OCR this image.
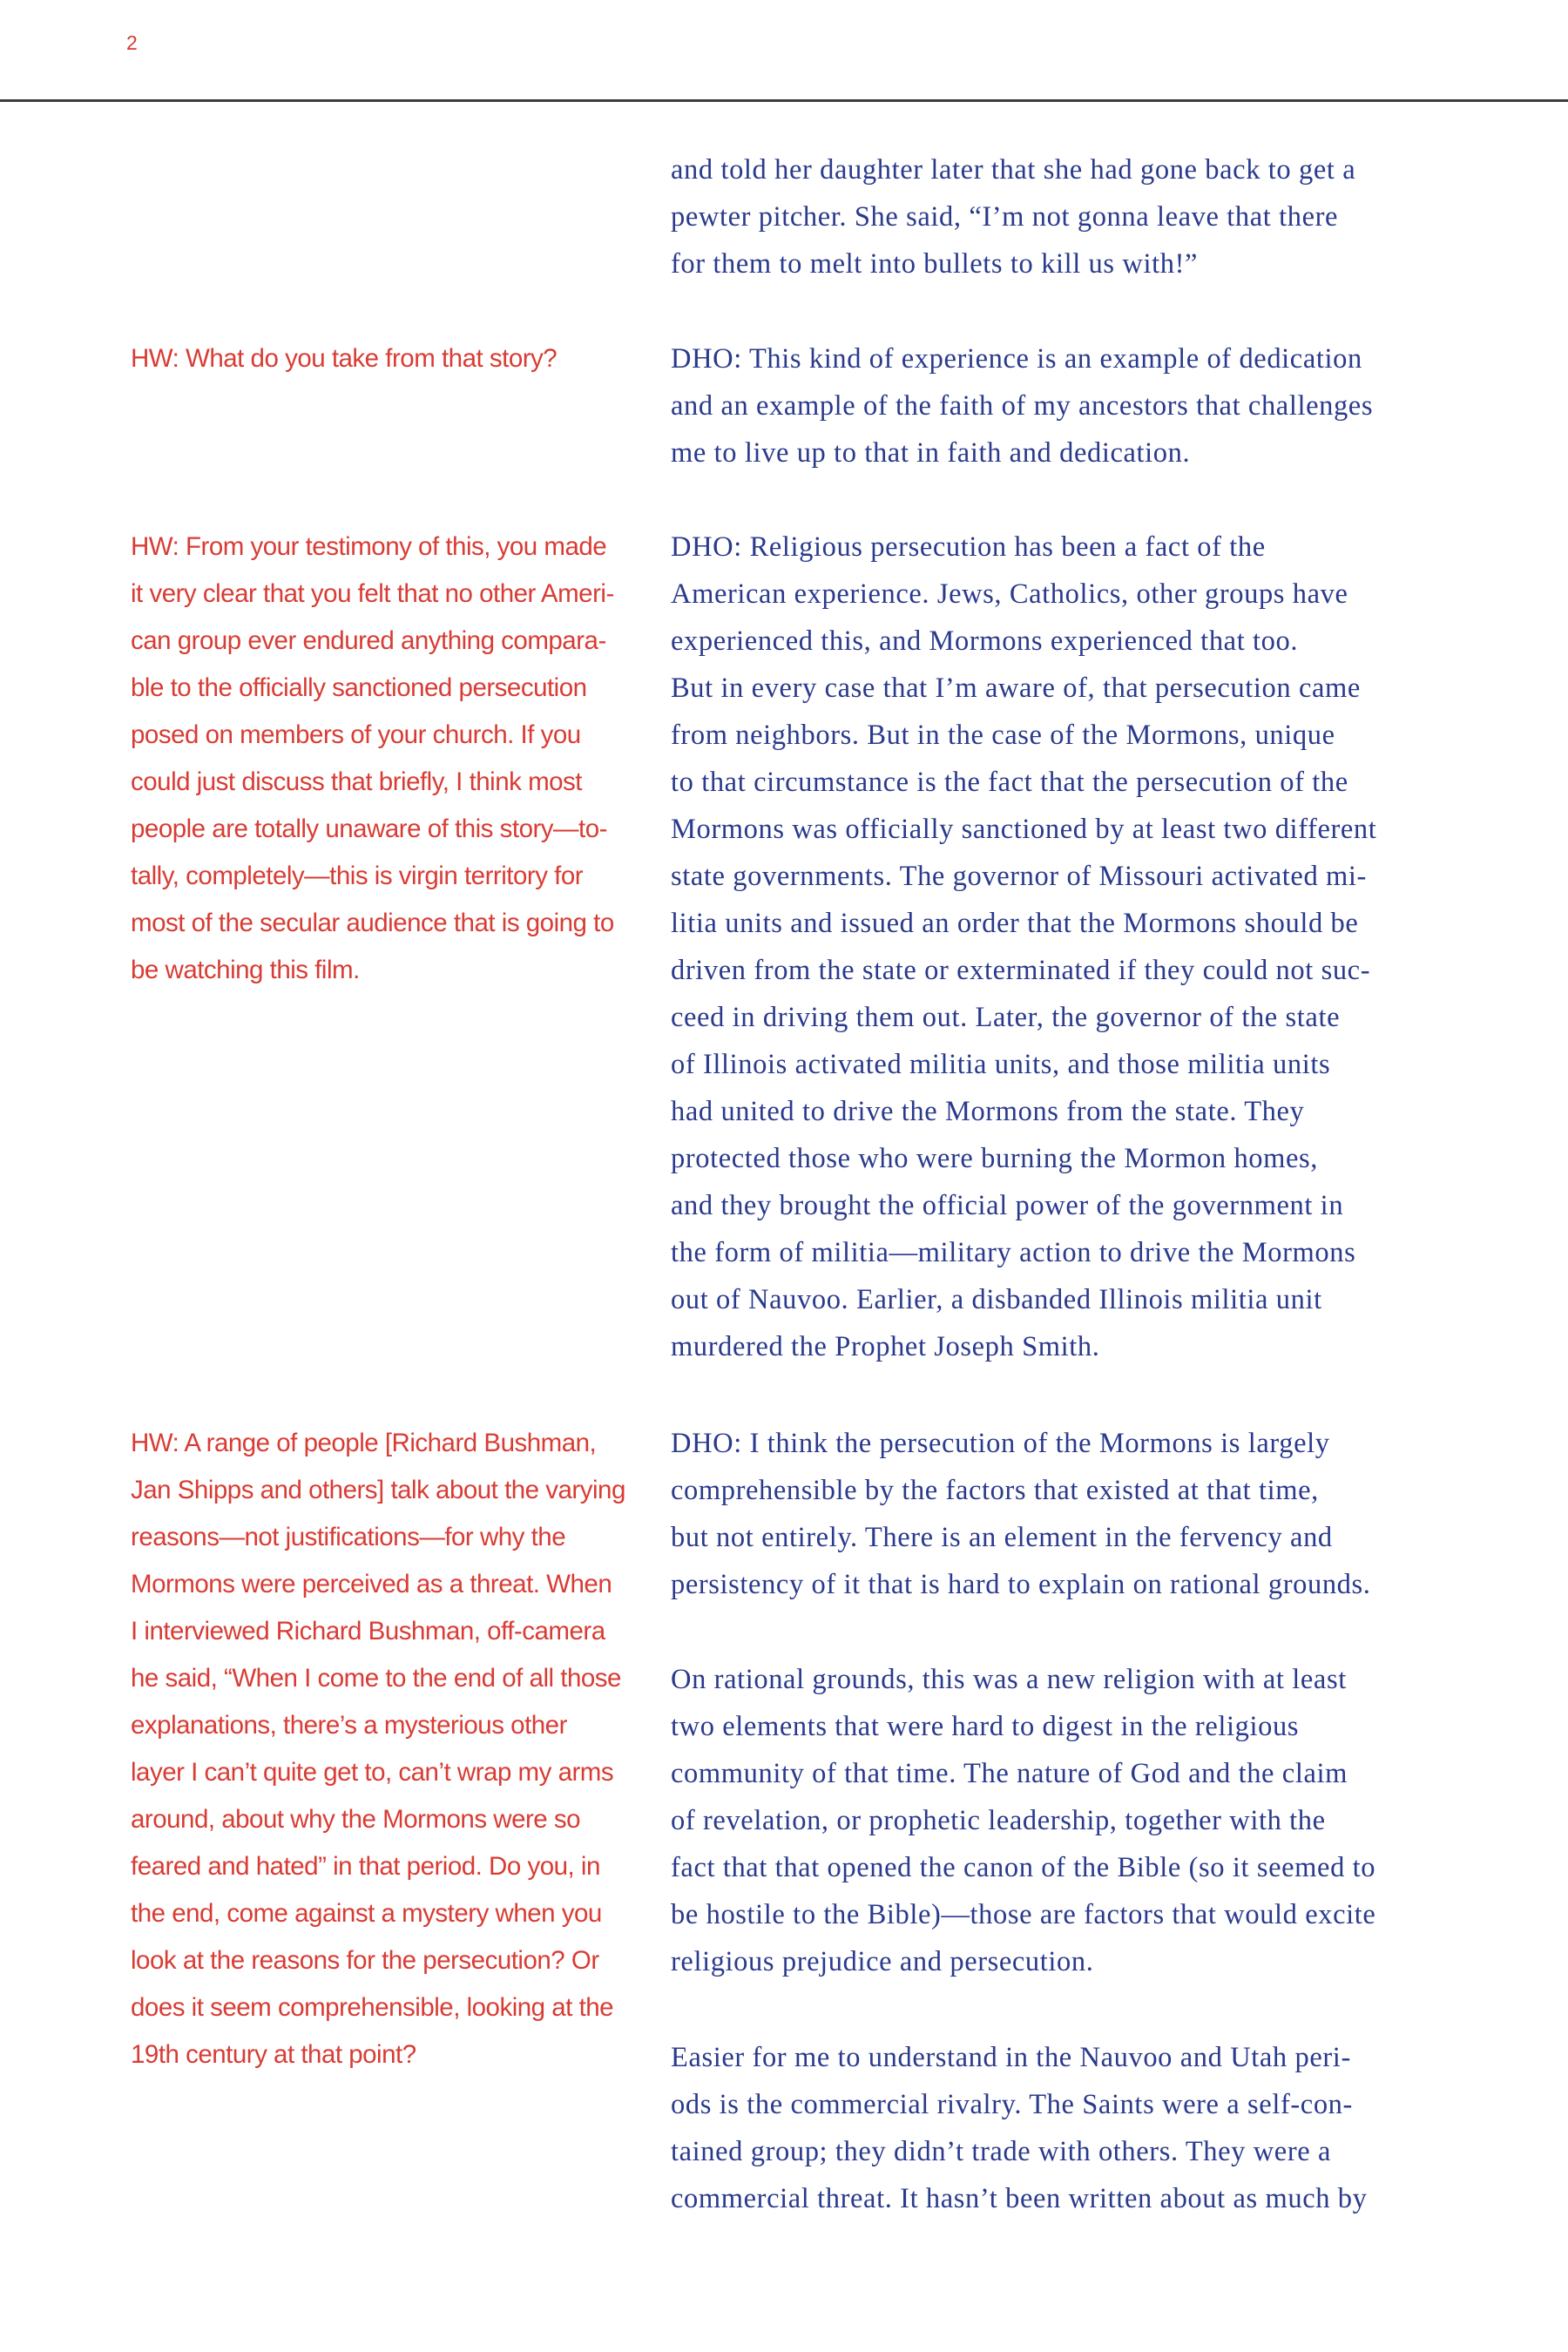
2

and told her daughter later that she had gone back to get a
pewter pitcher. She said, “I’m not gonna leave that there
for them to melt into bullets to kill us with!”

HW: What do you take from that story?	DHO: This kind of experience is an example of dedication
and an example of the faith of my ancestors that challenges
me to live up to that in faith and dedication.

HW: From your testimony of this, you made
it very clear that you felt that no other Ameri-
can group ever endured anything compara-
ble to the officially sanctioned persecution
posed on members of your church. If you
could just discuss that briefly, I think most
people are totally unaware of this story—to-
tally, completely—this is virgin territory for
most of the secular audience that is going to
be watching this film.

DHO: Religious persecution has been a fact of the
American experience. Jews, Catholics, other groups have
experienced this, and Mormons experienced that too.
But in every case that I’m aware of, that persecution came
from neighbors. But in the case of the Mormons, unique
to that circumstance is the fact that the persecution of the
Mormons was officially sanctioned by at least two different
state governments. The governor of Missouri activated mi-
litia units and issued an order that the Mormons should be
driven from the state or exterminated if they could not suc-
ceed in driving them out. Later, the governor of the state
of Illinois activated militia units, and those militia units
had united to drive the Mormons from the state. They
protected those who were burning the Mormon homes,
and they brought the official power of the government in
the form of militia—military action to drive the Mormons
out of Nauvoo. Earlier, a disbanded Illinois militia unit
murdered the Prophet Joseph Smith.

HW: A range of people [Richard Bushman,
Jan Shipps and others] talk about the varying
reasons—not justifications—for why the
Mormons were perceived as a threat. When
I interviewed Richard Bushman, off-camera
he said, “When I come to the end of all those
explanations, there’s a mysterious other
layer I can’t quite get to, can’t wrap my arms
around, about why the Mormons were so
feared and hated” in that period. Do you, in
the end, come against a mystery when you
look at the reasons for the persecution? Or
does it seem comprehensible, looking at the
19th century at that point?

DHO: I think the persecution of the Mormons is largely
comprehensible by the factors that existed at that time,
but not entirely. There is an element in the fervency and
persistency of it that is hard to explain on rational grounds.

On rational grounds, this was a new religion with at least
two elements that were hard to digest in the religious
community of that time. The nature of God and the claim
of revelation, or prophetic leadership, together with the
fact that that opened the canon of the Bible (so it seemed to
be hostile to the Bible)—those are factors that would excite
religious prejudice and persecution.

Easier for me to understand in the Nauvoo and Utah peri-
ods is the commercial rivalry. The Saints were a self-con-
tained group; they didn’t trade with others. They were a
commercial threat. It hasn’t been written about as much by
